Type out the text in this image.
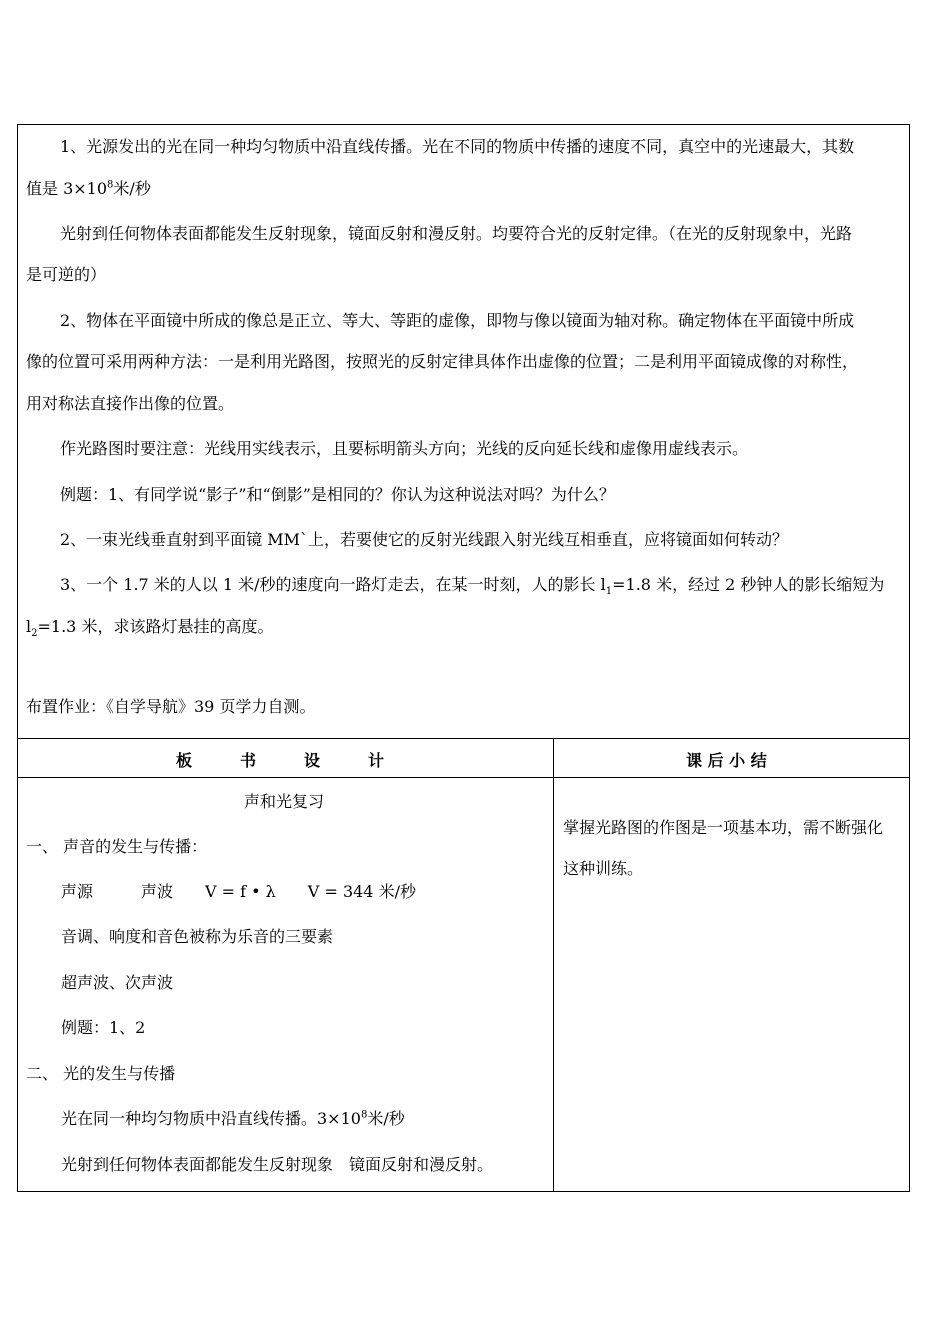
1、光源发出的光在同一种均匀物质中沿直线传播。光在不同的物质中传播的速度不同，真空中的光速最大，其数
值是 $3\times 10^8$米/秒
光射到任何物体表面都能发生反射现象，镜面反射和漫反射。均要符合光的反射定律。（在光的反射现象中，光路
是可逆的）
2、物体在平面镜中所成的像总是正立、等大、等距的虚像，即物与像以镜面为轴对称。确定物体在平面镜中所成
像的位置可采用两种方法：一是利用光路图，按照光的反射定律具体作出虚像的位置；二是利用平面镜成像的对称性，
用对称法直接作出像的位置。
作光路图时要注意：光线用实线表示，且要标明箭头方向；光线的反向延长线和虚像用虚线表示。
例题：1、有同学说“影子”和“倒影”是相同的？你认为这种说法对吗？为什么？
2、一束光线垂直射到平面镜 MM`上，若要使它的反射光线跟入射光线互相垂直，应将镜面如何转动？
3、一个 1.7 米的人以 1 米/秒的速度向一路灯走去，在某一时刻，人的影长 $l_1=1.8$ 米，经过 2 秒钟人的影长缩短为
$l_2=1.3$ 米，求该路灯悬挂的高度。
布置作业：《自学导航》39 页学力自测。
板　　　书　　　设　　　计	课 后 小 结
声和光复习
一、 声音的发生与传播：
声源　　　声波　　V = f • λ　　V = 344 米/秒
音调、响度和音色被称为乐音的三要素
超声波、次声波
例题：1、2
二、 光的发生与传播
光在同一种均匀物质中沿直线传播。$3\times 10^8$米/秒
光射到任何物体表面都能发生反射现象　镜面反射和漫反射。
掌握光路图的作图是一项基本功，需不断强化
这种训练。
